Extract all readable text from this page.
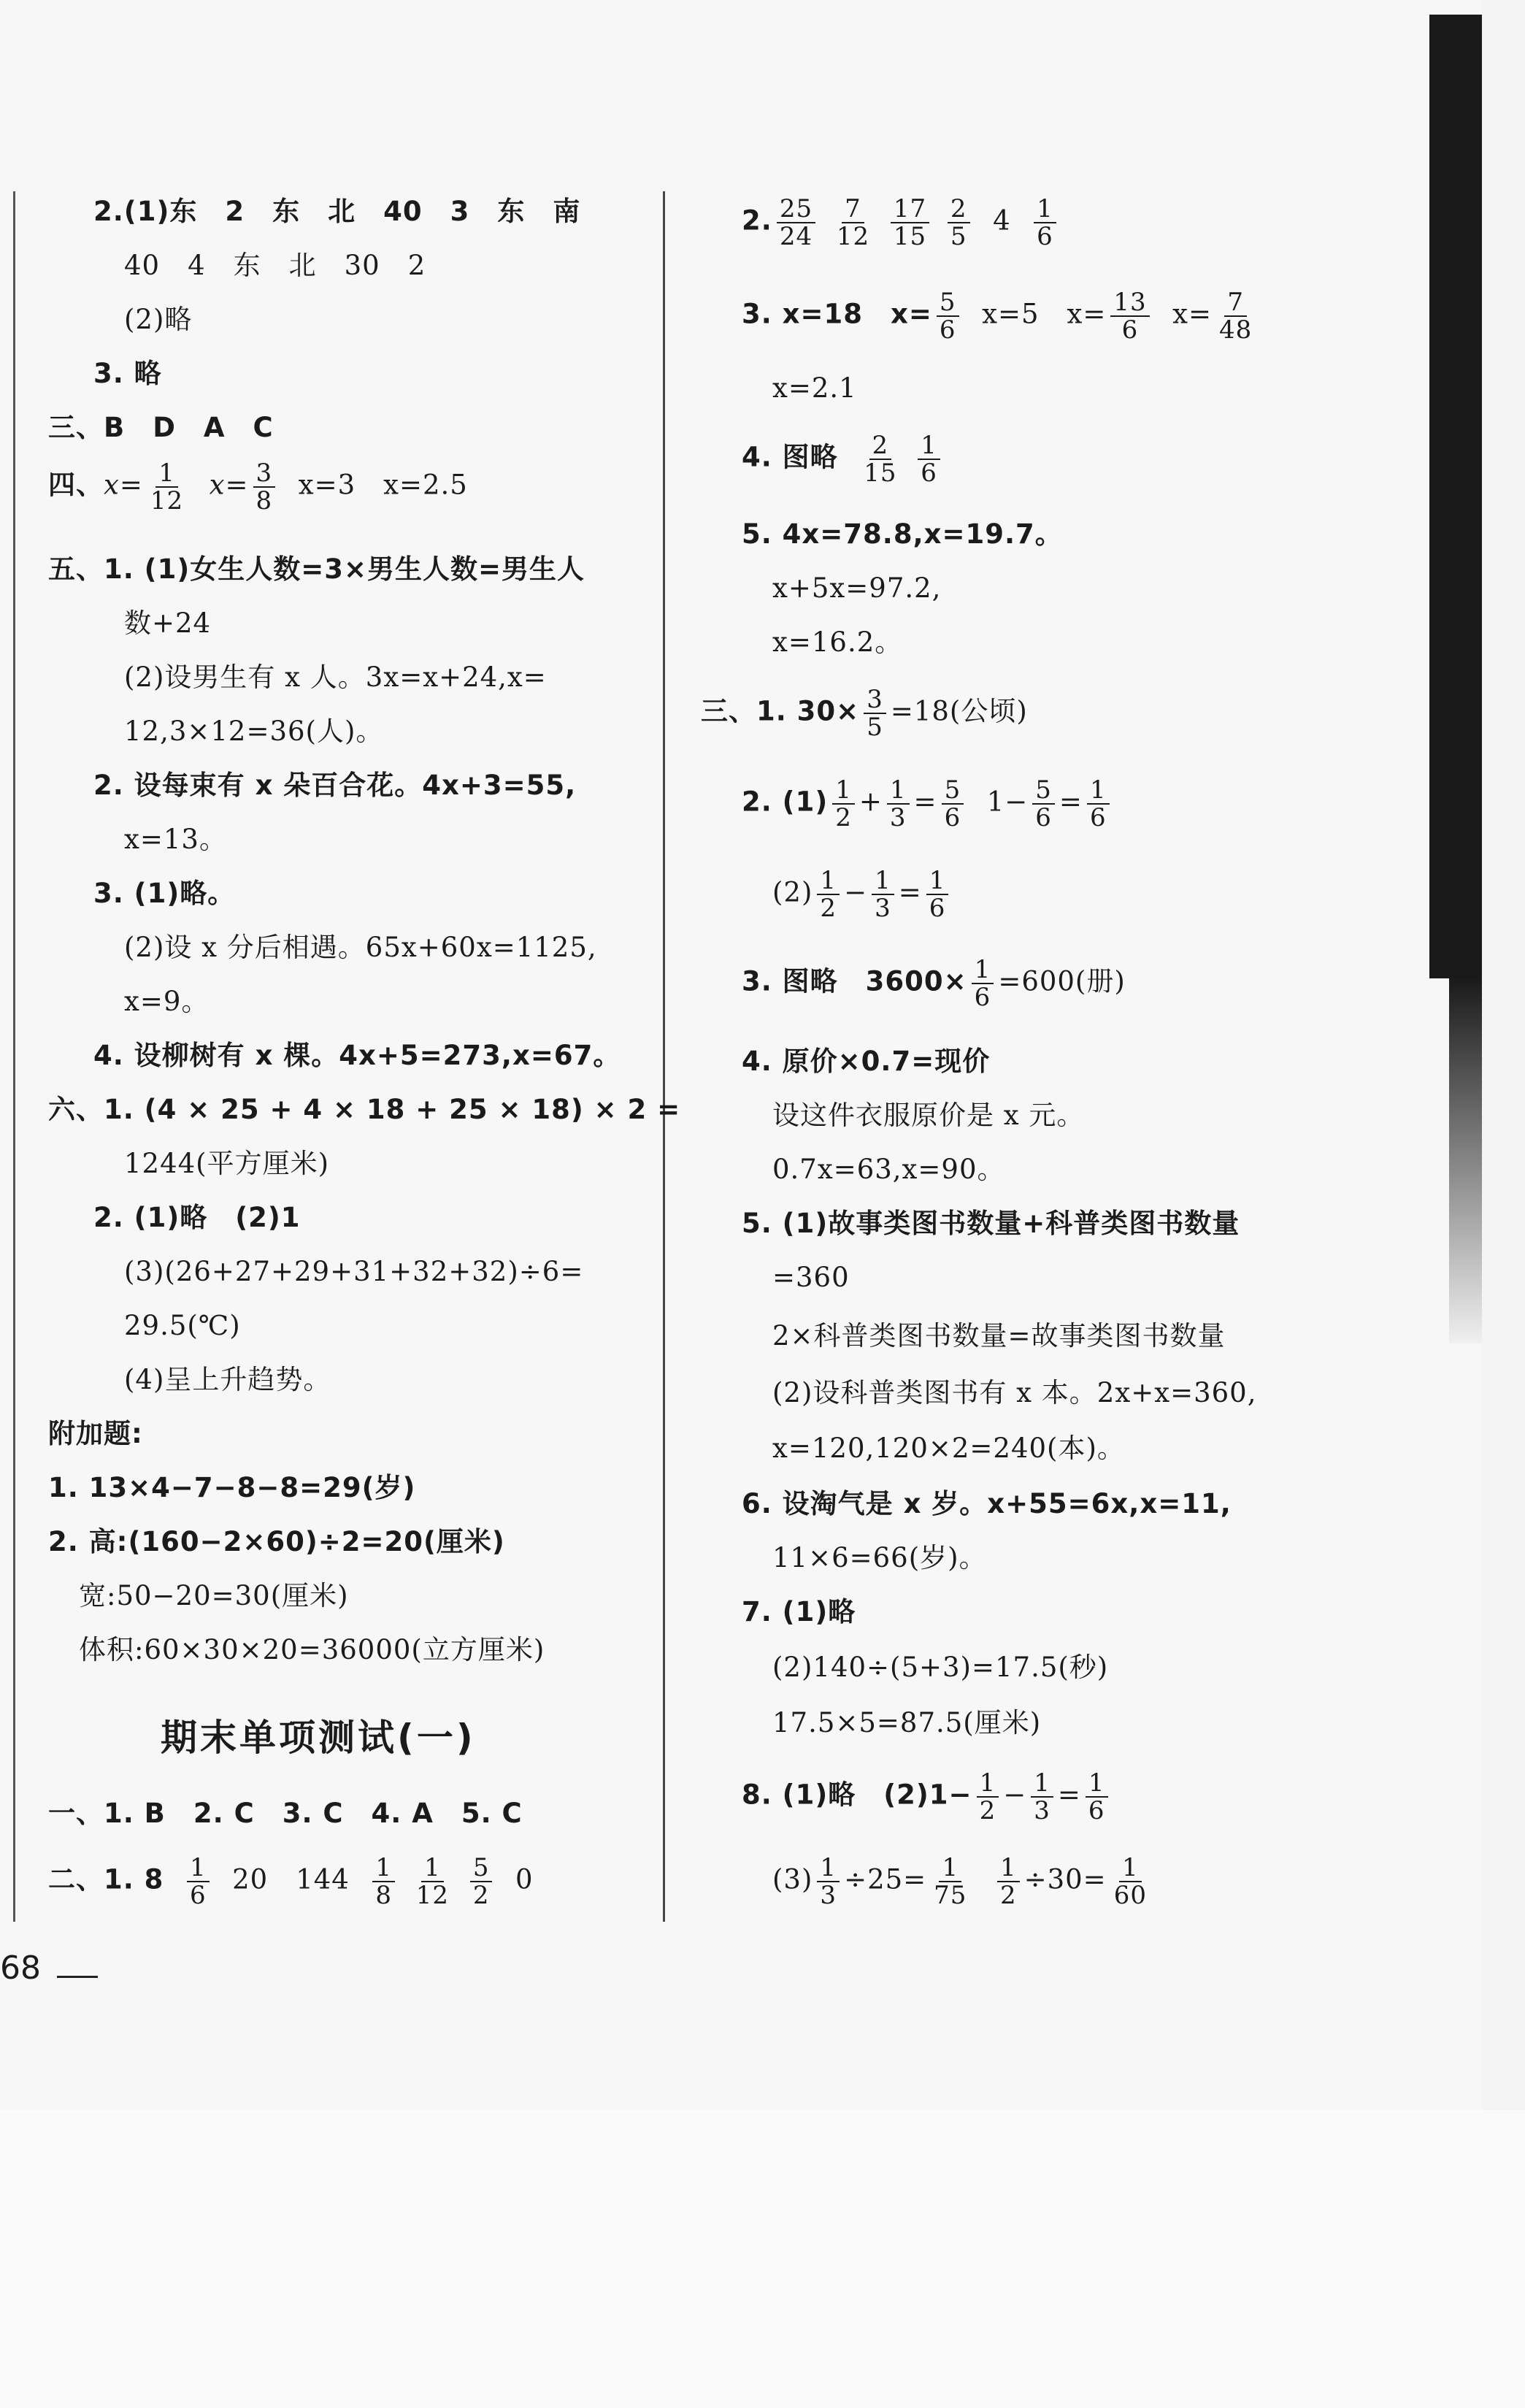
2.(1)东　2　东　北　40　3　东　南
40　4　东　北　30　2
(2)略
3. 略
三、B　D　A　C
四、$x= \frac{1}{12} x= \frac{3}{8} x=3$　x=2.5
五、1. (1)女生人数=3×男生人数=男生人
数+24
(2)设男生有 x 人。3x=x+24,x=
12,3×12=36(人)。
2. 设每束有 x 朵百合花。4x+3=55,
x=13。
3. (1)略。
(2)设 x 分后相遇。65x+60x=1125,
x=9。
4. 设柳树有 x 棵。4x+5=273,x=67。
六、1. (4 × 25 + 4 × 18 + 25 × 18) × 2 =
1244(平方厘米)
2. (1)略　(2)1
(3)(26+27+29+31+32+32)÷6=
29.5(℃)
(4)呈上升趋势。
附加题:
1. 13×4−7−8−8=29(岁)
2. 高:(160−2×60)÷2=20(厘米)
宽:50−20=30(厘米)
体积:60×30×20=36000(立方厘米)
期末单项测试(一)
一、1. B　2. C　3. C　4. A　5. C
二、1. $8 \frac{1}{6} 20$　$144 \frac{1}{8}$
$\frac{1}{12}$
$\frac{5}{2} 0$
2. $\frac{25}{24}$
$\frac{7}{12}$
$\frac{17}{15}$
$\frac{2}{5} 4 \frac{1}{6}$
3. x=18　$x= \frac{5}{6} x=5$　$x= \frac{13}{6} x= \frac{7}{48}$
x=2.1
4. 图略 $\frac{2}{15}$
$\frac{1}{6}$
5. 4x=78.8,x=19.7。
x+5x=97.2,
x=16.2。
三、1. $30\times \frac{3}{5} =18$(公顷)
2. $(1) \frac{1}{2} + \frac{1}{3} = \frac{5}{6} 1- \frac{5}{6} = \frac{1}{6}$
$(2) \frac{1}{2} - \frac{1}{3} = \frac{1}{6}$
3. 图略　$3600\times \frac{1}{6} =600$(册)
4. 原价×0.7=现价
设这件衣服原价是 x 元。
0.7x=63,x=90。
5. (1)故事类图书数量+科普类图书数量
=360
2×科普类图书数量=故事类图书数量
(2)设科普类图书有 x 本。2x+x=360,
x=120,120×2=240(本)。
6. 设淘气是 x 岁。x+55=6x,x=11,
11×6=66(岁)。
7. (1)略
(2)140÷(5+3)=17.5(秒)
17.5×5=87.5(厘米)
8. (1)略　$(2)1- \frac{1}{2} - \frac{1}{3} = \frac{1}{6}$
$(3) \frac{1}{3} \div 25= \frac{1}{75}$
$\frac{1}{2} \div 30= \frac{1}{60}$
68
